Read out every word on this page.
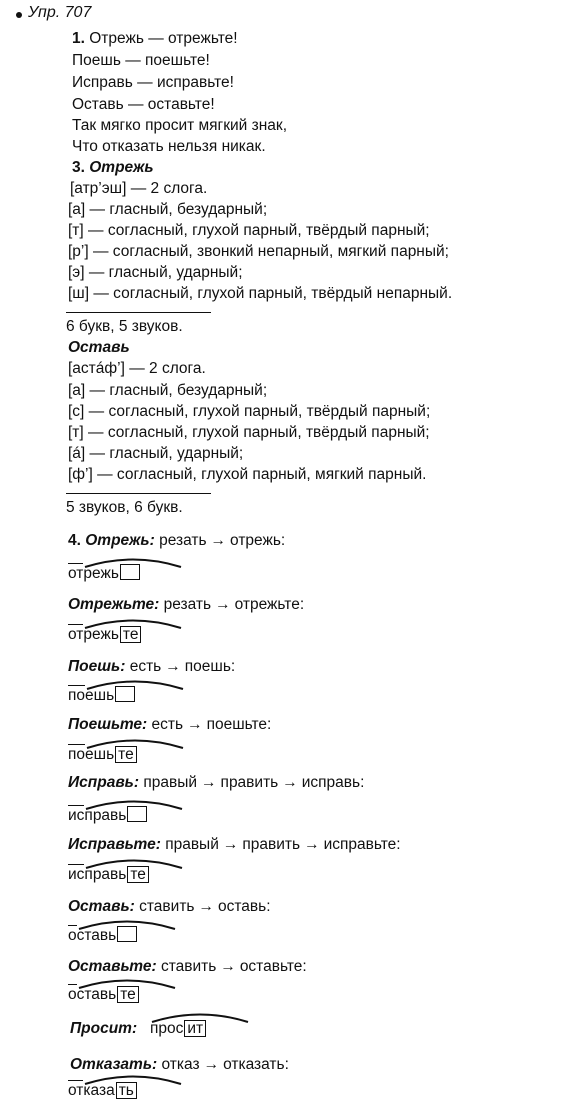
Упр. 707
1. Отрежь — отрежьте!
Поешь — поешьте!
Исправь — исправьте!
Оставь — оставьте!
Так мягко просит мягкий знак,
Что отказать нельзя никак.
3. Отрежь
[атр’эш] — 2 слога.
[а] — гласный, безударный;
[т] — согласный, глухой парный, твёрдый парный;
[р’] — согласный, звонкий непарный, мягкий парный;
[э] — гласный, ударный;
[ш] — согласный, глухой парный, твёрдый непарный.
6 букв, 5 звуков.
Оставь
[астáф’] — 2 слога.
[а] — гласный, безударный;
[с] — согласный, глухой парный, твёрдый парный;
[т] — согласный, глухой парный, твёрдый парный;
[á] — гласный, ударный;
[ф’] — согласный, глухой парный, мягкий парный.
5 звуков, 6 букв.
4. Отрежь: резать → отрежь:
отреж
ь
Отрежьте: резать → отрежьте:
отреж
ь те
Поешь: есть → поешь:
пое
шь
Поешьте: есть → поешьте:
пое
шь те
Исправь: правый → править → исправь:
исправ
ь
Исправьте: правый → править → исправьте:
исправ
ь те
Оставь: ставить → оставь:
остав
ь
Оставьте: ставить → оставьте:
остав
ь те
Просит: прос ит
Отказать: отказ → отказать:
отказ
а ть
